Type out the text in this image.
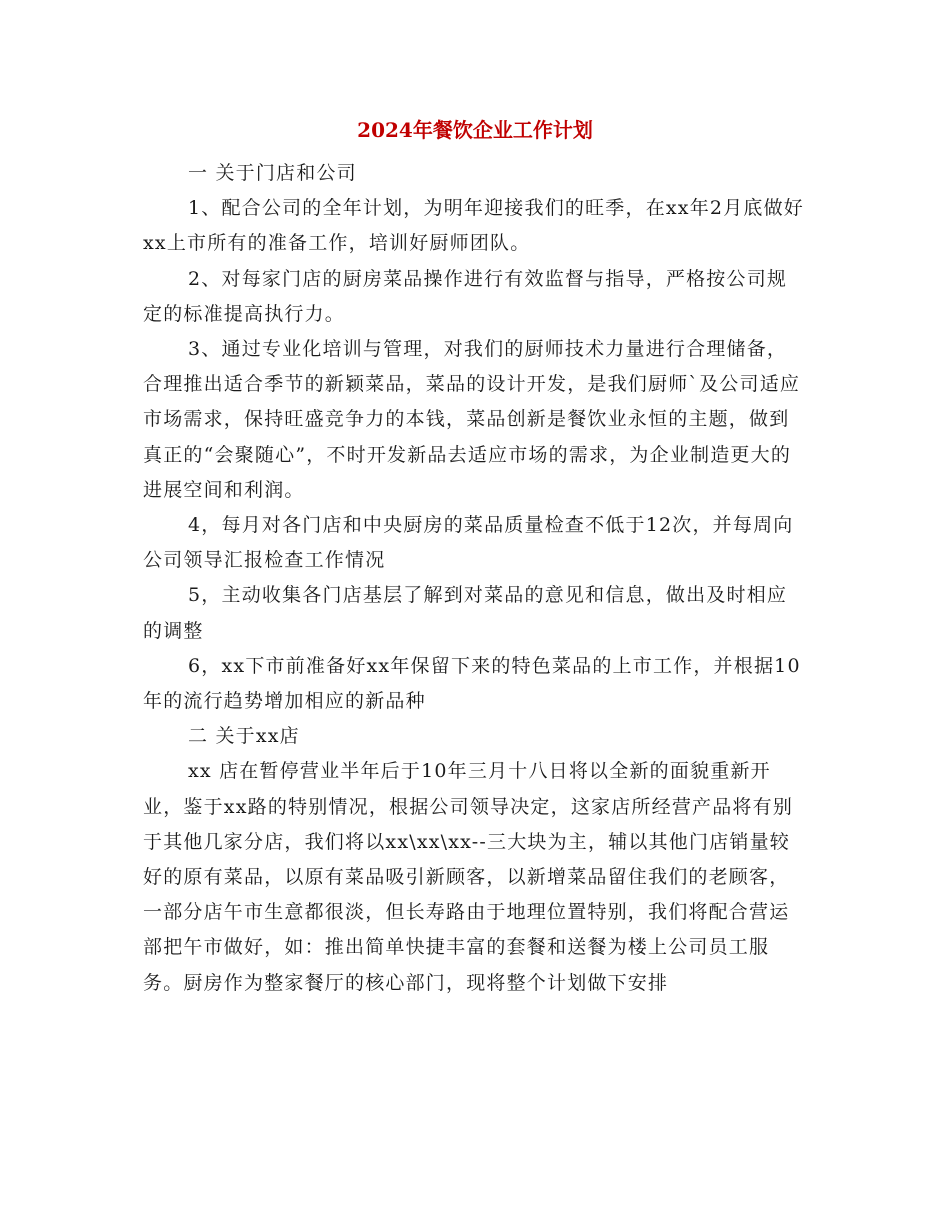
2024年餐饮企业工作计划

一 关于门店和公司

1、配合公司的全年计划，为明年迎接我们的旺季，在xx年2月底做好xx上市所有的准备工作，培训好厨师团队。

2、对每家门店的厨房菜品操作进行有效监督与指导，严格按公司规定的标准提高执行力。

3、通过专业化培训与管理，对我们的厨师技术力量进行合理储备，合理推出适合季节的新颖菜品，菜品的设计开发，是我们厨师`及公司适应市场需求，保持旺盛竞争力的本钱，菜品创新是餐饮业永恒的主题，做到真正的“会聚随心”，不时开发新品去适应市场的需求，为企业制造更大的进展空间和利润。

4，每月对各门店和中央厨房的菜品质量检查不低于12次，并每周向公司领导汇报检查工作情况

5，主动收集各门店基层了解到对菜品的意见和信息，做出及时相应的调整

6，xx下市前准备好xx年保留下来的特色菜品的上市工作，并根据10年的流行趋势增加相应的新品种

二 关于xx店

xx 店在暂停营业半年后于10年三月十八日将以全新的面貌重新开业，鉴于xx路的特别情况，根据公司领导决定，这家店所经营产品将有别于其他几家分店，我们将以xx\xx\xx--三大块为主，辅以其他门店销量较好的原有菜品，以原有菜品吸引新顾客，以新增菜品留住我们的老顾客，一部分店午市生意都很淡，但长寿路由于地理位置特别，我们将配合营运部把午市做好，如：推出简单快捷丰富的套餐和送餐为楼上公司员工服务。厨房作为整家餐厅的核心部门，现将整个计划做下安排
